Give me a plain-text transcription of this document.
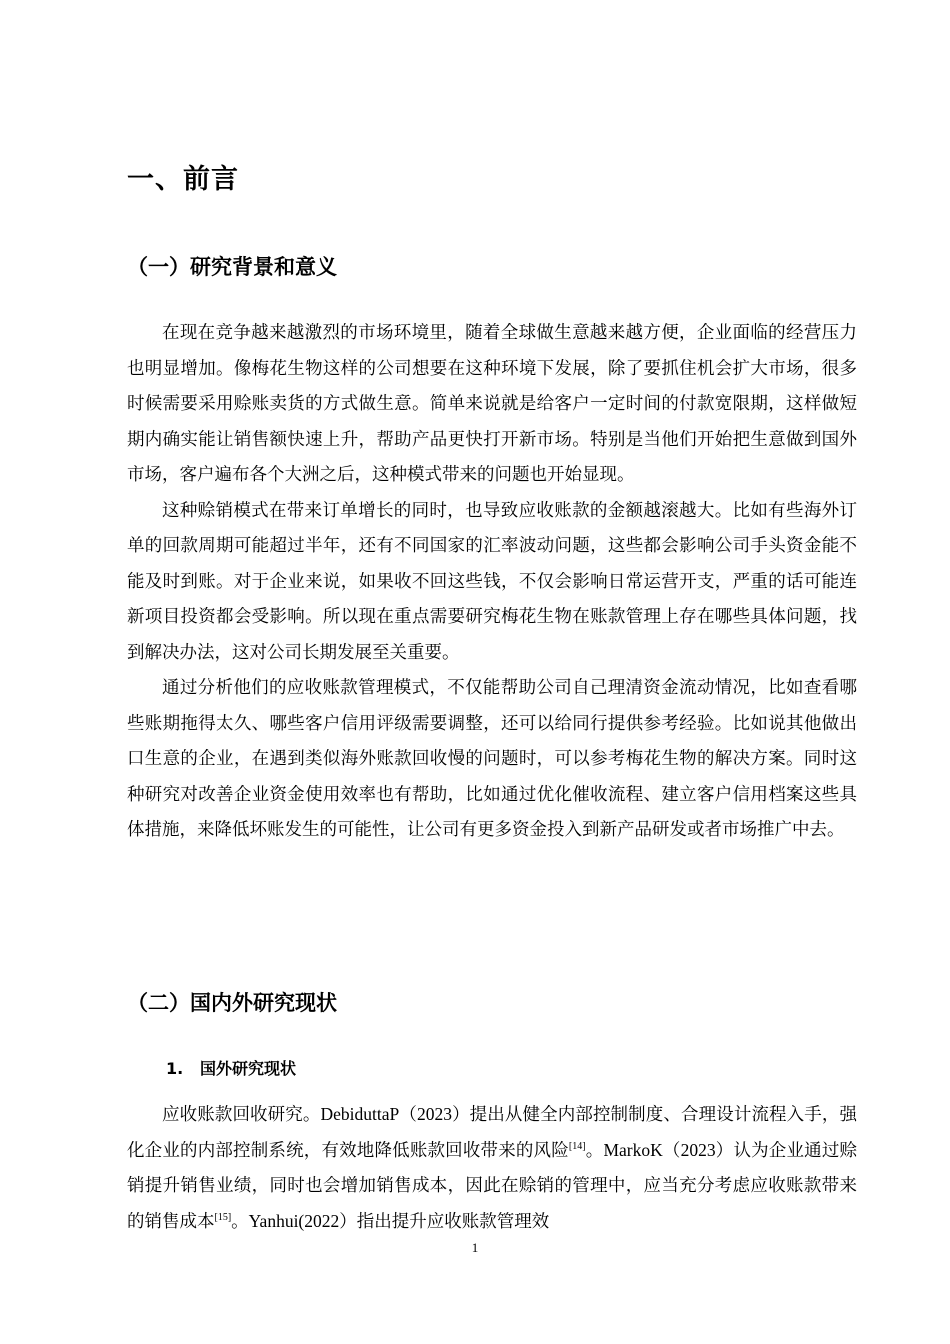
一、前言
（一）研究背景和意义

在现在竞争越来越激烈的市场环境里，随着全球做生意越来越方便，企业面临的经营压力也明显增加。像梅花生物这样的公司想要在这种环境下发展，除了要抓住机会扩大市场，很多时候需要采用赊账卖货的方式做生意。简单来说就是给客户一定时间的付款宽限期，这样做短期内确实能让销售额快速上升，帮助产品更快打开新市场。特别是当他们开始把生意做到国外市场，客户遍布各个大洲之后，这种模式带来的问题也开始显现。

这种赊销模式在带来订单增长的同时，也导致应收账款的金额越滚越大。比如有些海外订单的回款周期可能超过半年，还有不同国家的汇率波动问题，这些都会影响公司手头资金能不能及时到账。对于企业来说，如果收不回这些钱，不仅会影响日常运营开支，严重的话可能连新项目投资都会受影响。所以现在重点需要研究梅花生物在账款管理上存在哪些具体问题，找到解决办法，这对公司长期发展至关重要。

通过分析他们的应收账款管理模式，不仅能帮助公司自己理清资金流动情况，比如查看哪些账期拖得太久、哪些客户信用评级需要调整，还可以给同行提供参考经验。比如说其他做出口生意的企业，在遇到类似海外账款回收慢的问题时，可以参考梅花生物的解决方案。同时这种研究对改善企业资金使用效率也有帮助，比如通过优化催收流程、建立客户信用档案这些具体措施，来降低坏账发生的可能性，让公司有更多资金投入到新产品研发或者市场推广中去。

（二）国内外研究现状
1. 国外研究现状

应收账款回收研究。DebiduttaP（2023）提出从健全内部控制制度、合理设计流程入手，强化企业的内部控制系统，有效地降低账款回收带来的风险[14]。MarkoK（2023）认为企业通过赊销提升销售业绩，同时也会增加销售成本，因此在赊销的管理中，应当充分考虑应收账款带来的销售成本[15]。Yanhui(2022）指出提升应收账款管理效

1
